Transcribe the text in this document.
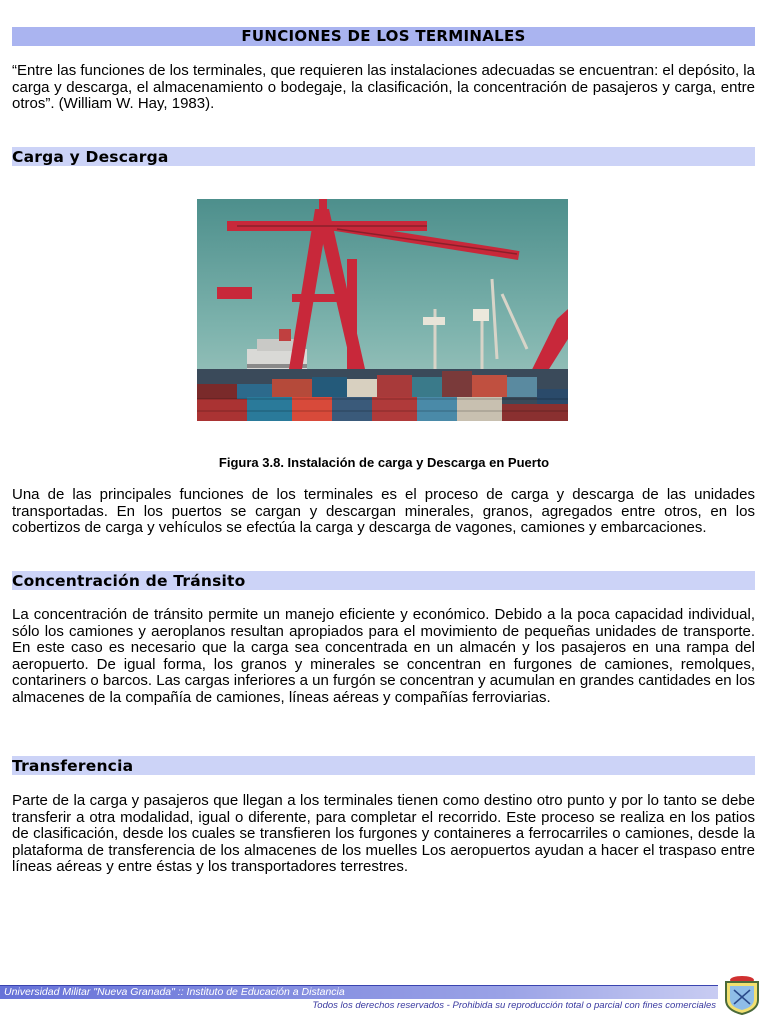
FUNCIONES DE LOS TERMINALES
“Entre las funciones de los terminales, que requieren las instalaciones adecuadas se encuentran: el depósito, la carga y descarga, el almacenamiento o bodegaje, la clasificación, la concentración de pasajeros y carga, entre otros”. (William W. Hay, 1983).
Carga y Descarga
Figura 3.8. Instalación de carga y Descarga en Puerto
Una de las principales funciones de los terminales es el proceso de carga y descarga de las unidades transportadas. En los puertos se cargan y descargan minerales, granos, agregados entre otros, en los cobertizos de carga y vehículos se efectúa la carga y descarga de vagones, camiones y embarcaciones.
Concentración de Tránsito
La concentración de tránsito permite un manejo eficiente y económico. Debido a la poca capacidad individual, sólo los camiones y aeroplanos resultan apropiados para el movimiento de pequeñas unidades de transporte. En este caso es necesario que la carga sea concentrada en un almacén y los pasajeros en una rampa del aeropuerto. De igual forma, los granos y minerales se concentran en furgones de camiones, remolques, contariners o barcos. Las cargas inferiores a un furgón se concentran y acumulan en grandes cantidades en los almacenes de la compañía de camiones, líneas aéreas y compañías ferroviarias.
Transferencia
Parte de la carga y pasajeros que llegan a los terminales tienen como destino otro punto y por lo tanto se debe transferir a otra modalidad, igual o diferente, para completar el recorrido. Este proceso se realiza en los patios de clasificación, desde los cuales se transfieren los furgones y containeres a ferrocarriles o camiones, desde la plataforma de transferencia de los almacenes de los muelles Los aeropuertos ayudan a hacer el traspaso entre líneas aéreas y entre éstas y los transportadores terrestres.
Universidad Militar "Nueva Granada" :: Instituto de Educación a Distancia
Todos los derechos reservados - Prohibida su reproducción total o parcial con fines comerciales
